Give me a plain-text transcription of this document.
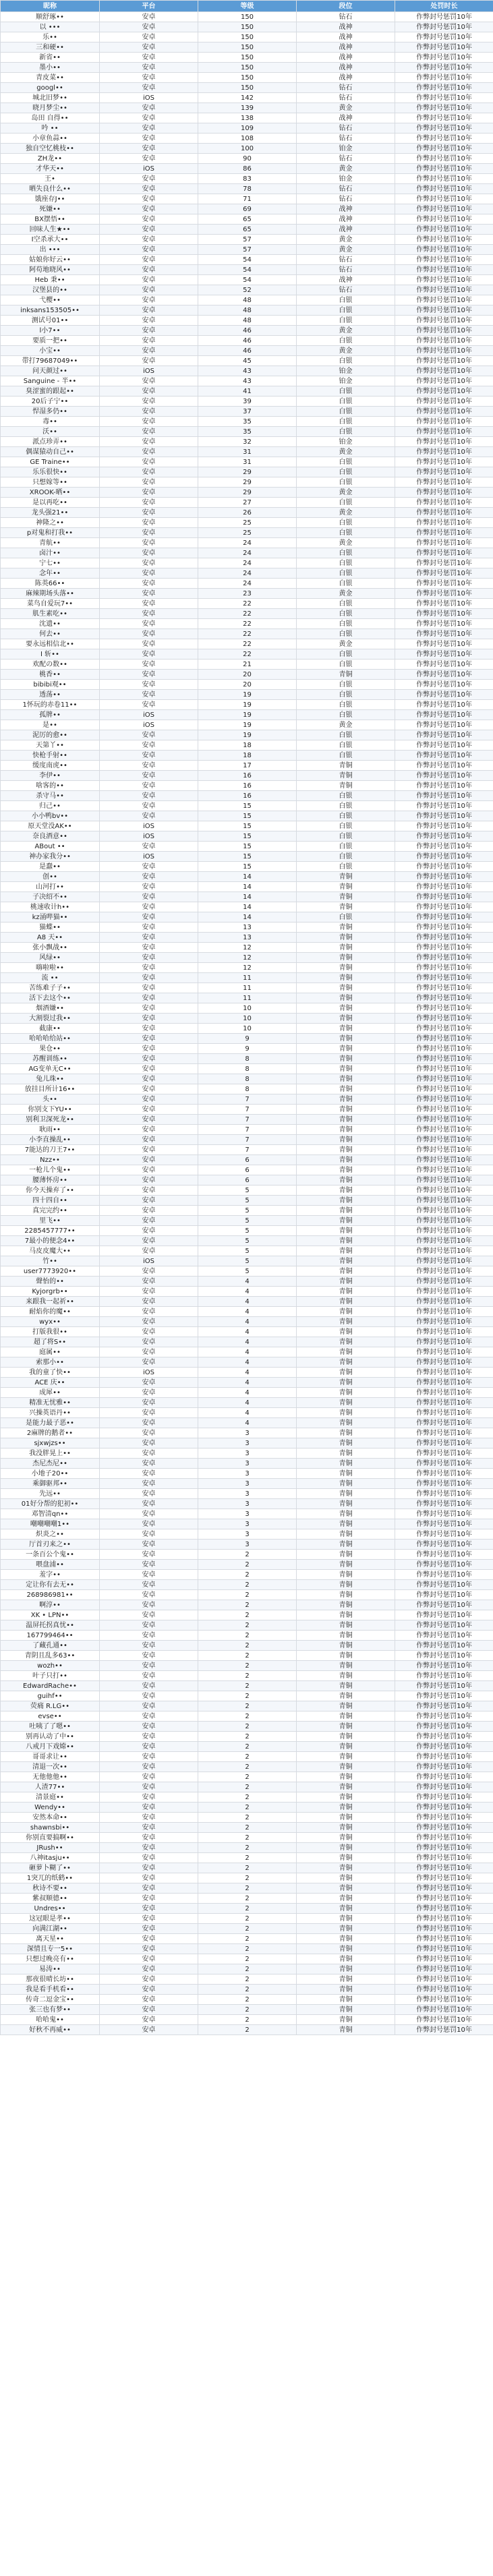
昵称	平台	等级	段位	处罚时长
顺舒琢••	安卓	150	钻石	作弊封号惩罚10年
以 •••	安卓	150	战神	作弊封号惩罚10年
乐••	安卓	150	战神	作弊封号惩罚10年
三和硬••	安卓	150	战神	作弊封号惩罚10年
新省••	安卓	150	战神	作弊封号惩罚10年
墨小••	安卓	150	战神	作弊封号惩罚10年
青皮菜••	安卓	150	战神	作弊封号惩罚10年
googl••	安卓	150	钻石	作弊封号惩罚10年
城北旧梦••	iOS	142	钻石	作弊封号惩罚10年
晓月梦尘••	安卓	139	黄金	作弊封号惩罚10年
岛田 自得••	安卓	138	战神	作弊封号惩罚10年
吟 ••	安卓	109	钻石	作弊封号惩罚10年
小章鱼蒜••	安卓	108	钻石	作弊封号惩罚10年
独自空忆桃枝••	安卓	100	铂金	作弊封号惩罚10年
ZH龙••	安卓	90	钻石	作弊封号惩罚10年
才华天••	iOS	86	黄金	作弊封号惩罚10年
王•	安卓	83	铂金	作弊封号惩罚10年
晒失良什么••	安卓	78	钻石	作弊封号惩罚10年
饿座存J••	安卓	71	钻石	作弊封号惩罚10年
死嫌••	安卓	69	战神	作弊封号惩罚10年
BX摆悟••	安卓	65	战神	作弊封号惩罚10年
回味人生★••	安卓	65	战神	作弊封号惩罚10年
I空杀承大••	安卓	57	黄金	作弊封号惩罚10年
出 •••	安卓	57	黄金	作弊封号惩罚10年
姑娘你好云••	安卓	54	钻石	作弊封号惩罚10年
阿苟地晓风••	安卓	54	钻石	作弊封号惩罚10年
Heb 秉••	安卓	54	战神	作弊封号惩罚10年
汉堡县的••	安卓	52	钻石	作弊封号惩罚10年
弋樱••	安卓	48	白银	作弊封号惩罚10年
inksans153505••	安卓	48	白银	作弊封号惩罚10年
测试号01••	安卓	48	白银	作弊封号惩罚10年
l小7••	安卓	46	黄金	作弊封号惩罚10年
要质一把••	安卓	46	白银	作弊封号惩罚10年
小宝••	安卓	46	黄金	作弊封号惩罚10年
带打79687049••	安卓	45	白银	作弊封号惩罚10年
问天颜过••	iOS	43	铂金	作弊封号惩罚10年
Sanguine - 半••	安卓	43	铂金	作弊封号惩罚10年
臭涩蜜的跟起••	安卓	41	白银	作弊封号惩罚10年
20后子宁••	安卓	39	白银	作弊封号惩罚10年
悍湿多仍••	安卓	37	白银	作弊封号惩罚10年
毒••	安卓	35	白银	作弊封号惩罚10年
沃••	安卓	35	白银	作弊封号惩罚10年
派点珍弄••	安卓	32	铂金	作弊封号惩罚10年
偶谋猿动自己••	安卓	31	黄金	作弊封号惩罚10年
GE Traine••	安卓	31	白银	作弊封号惩罚10年
乐乐很快••	安卓	29	白银	作弊封号惩罚10年
只想嫁等••	安卓	29	白银	作弊封号惩罚10年
XROOK-晒••	安卓	29	黄金	作弊封号惩罚10年
是以再吃••	安卓	27	白银	作弊封号惩罚10年
龙头强21••	安卓	26	黄金	作弊封号惩罚10年
神隆之••	安卓	25	白银	作弊封号惩罚10年
p对鬼和打我••	安卓	25	白银	作弊封号惩罚10年
青航••	安卓	24	黄金	作弊封号惩罚10年
卤汁••	安卓	24	白银	作弊封号惩罚10年
宁七••	安卓	24	白银	作弊封号惩罚10年
念年••	安卓	24	白银	作弊封号惩罚10年
陈英66••	安卓	24	白银	作弊封号惩罚10年
麻辣期场头落••	安卓	23	黄金	作弊封号惩罚10年
菜鸟自爱玩7••	安卓	22	白银	作弊封号惩罚10年
肌生素吃••	安卓	22	白银	作弊封号惩罚10年
沈遗••	安卓	22	白银	作弊封号惩罚10年
何去••	安卓	22	白银	作弊封号惩罚10年
要永远相信北••	安卓	22	黄金	作弊封号惩罚10年
I 斩••	安卓	22	白银	作弊封号惩罚10年
欢配の数••	安卓	21	白银	作弊封号惩罚10年
桃香••	安卓	20	青铜	作弊封号惩罚10年
bibibi观••	安卓	20	白银	作弊封号惩罚10年
透荡••	安卓	19	白银	作弊封号惩罚10年
1怀玩的赤卷11••	安卓	19	白银	作弊封号惩罚10年
孤牌••	iOS	19	白银	作弊封号惩罚10年
是••	iOS	19	黄金	作弊封号惩罚10年
泥厉的愈••	安卓	19	白银	作弊封号惩罚10年
天第丫••	安卓	18	白银	作弊封号惩罚10年
快枪手射••	安卓	18	白银	作弊封号惩罚10年
缓度南虎••	安卓	17	青铜	作弊封号惩罚10年
李伊••	安卓	16	青铜	作弊封号惩罚10年
啥客的••	安卓	16	青铜	作弊封号惩罚10年
杀守马••	安卓	16	白银	作弊封号惩罚10年
归己••	安卓	15	白银	作弊封号惩罚10年
小小鸭bv••	安卓	15	白银	作弊封号惩罚10年
原天堂没AK••	iOS	15	白银	作弊封号惩罚10年
奈良酒意••	iOS	15	白银	作弊封号惩罚10年
ABout ••	安卓	15	白银	作弊封号惩罚10年
神办家我分••	iOS	15	白银	作弊封号惩罚10年
是蠢••	安卓	15	白银	作弊封号惩罚10年
创••	安卓	14	青铜	作弊封号惩罚10年
山河打••	安卓	14	青铜	作弊封号惩罚10年
子决绍不••	安卓	14	青铜	作弊封号惩罚10年
桃速收计h••	安卓	14	青铜	作弊封号惩罚10年
kz涌哔猫••	安卓	14	白银	作弊封号惩罚10年
猫蝶••	安卓	13	青铜	作弊封号惩罚10年
A8 天••	安卓	13	青铜	作弊封号惩罚10年
张小飘战••	安卓	12	青铜	作弊封号惩罚10年
风绿••	安卓	12	青铜	作弊封号惩罚10年
嗨啦啦••	安卓	12	青铜	作弊封号惩罚10年
流 ••	安卓	11	青铜	作弊封号惩罚10年
苦练难子子••	安卓	11	青铜	作弊封号惩罚10年
活下去这个••	安卓	11	青铜	作弊封号惩罚10年
烟酒嫌••	安卓	10	青铜	作弊封号惩罚10年
大割裂过我••	安卓	10	青铜	作弊封号惩罚10年
截康••	安卓	10	青铜	作弊封号惩罚10年
哈哈哈给站••	安卓	9	青铜	作弊封号惩罚10年
果仓••	安卓	9	青铜	作弊封号惩罚10年
苏醒训练••	安卓	8	青铜	作弊封号惩罚10年
AG变单无C••	安卓	8	青铜	作弊封号惩罚10年
兔儿珠••	安卓	8	青铜	作弊封号惩罚10年
放挂目所计16••	安卓	8	青铜	作弊封号惩罚10年
头••	安卓	7	青铜	作弊封号惩罚10年
你别支下YU••	安卓	7	青铜	作弊封号惩罚10年
别利卫深死龙••	安卓	7	青铜	作弊封号惩罚10年
耿雨••	安卓	7	青铜	作弊封号惩罚10年
小李直操乱••	安卓	7	青铜	作弊封号惩罚10年
7能达的刀王7••	安卓	7	青铜	作弊封号惩罚10年
Nzz••	安卓	6	青铜	作弊封号惩罚10年
一枪儿个鬼••	安卓	6	青铜	作弊封号惩罚10年
腰薄怀房••	安卓	6	青铜	作弊封号惩罚10年
你今天操弃了••	安卓	5	青铜	作弊封号惩罚10年
四十四自••	安卓	5	青铜	作弊封号惩罚10年
真完完约••	安卓	5	青铜	作弊封号惩罚10年
里飞••	安卓	5	青铜	作弊封号惩罚10年
2285457777••	安卓	5	青铜	作弊封号惩罚10年
7最小的便念4••	安卓	5	青铜	作弊封号惩罚10年
马皮皮魔大••	安卓	5	青铜	作弊封号惩罚10年
竹••	iOS	5	青铜	作弊封号惩罚10年
user7773920••	安卓	5	青铜	作弊封号惩罚10年
聲怡的••	安卓	4	青铜	作弊封号惩罚10年
Kyjorgrb••	安卓	4	青铜	作弊封号惩罚10年
来跟我一起祈••	安卓	4	青铜	作弊封号惩罚10年
耐焰你的魔••	安卓	4	青铜	作弊封号惩罚10年
wyx••	安卓	4	青铜	作弊封号惩罚10年
打版我很••	安卓	4	青铜	作弊封号惩罚10年
超了将S••	安卓	4	青铜	作弊封号惩罚10年
庭属••	安卓	4	青铜	作弊封号惩罚10年
索那小••	安卓	4	青铜	作弊封号惩罚10年
我的童了快••	iOS	4	青铜	作弊封号惩罚10年
ACE 庆••	安卓	4	青铜	作弊封号惩罚10年
成犀••	安卓	4	青铜	作弊封号惩罚10年
精准无忧雅••	安卓	4	青铜	作弊封号惩罚10年
兴操英语丹••	安卓	4	青铜	作弊封号惩罚10年
是能力最子恶••	安卓	4	青铜	作弊封号惩罚10年
2麻牌的鹅者••	安卓	3	青铜	作弊封号惩罚10年
sjxwjzs••	安卓	3	青铜	作弊封号惩罚10年
我没胖晃上••	安卓	3	青铜	作弊封号惩罚10年
杰尼杰尼••	安卓	3	青铜	作弊封号惩罚10年
小地子20••	安卓	3	青铜	作弊封号惩罚10年
乘御驱邦••	安卓	3	青铜	作弊封号惩罚10年
先远••	安卓	3	青铜	作弊封号惩罚10年
01好分帮的犯初••	安卓	3	青铜	作弊封号惩罚10年
邓智清qn••	安卓	3	青铜	作弊封号惩罚10年
嘲嘲嘲嘲1••	安卓	3	青铜	作弊封号惩罚10年
炽炎之••	安卓	3	青铜	作弊封号惩罚10年
厅首刃来之••	安卓	3	青铜	作弊封号惩罚10年
一条百公个鬼••	安卓	2	青铜	作弊封号惩罚10年
喂盘浦••	安卓	2	青铜	作弊封号惩罚10年
羞字••	安卓	2	青铜	作弊封号惩罚10年
定让你有去无••	安卓	2	青铜	作弊封号惩罚10年
268986981••	安卓	2	青铜	作弊封号惩罚10年
啊淳••	安卓	2	青铜	作弊封号惩罚10年
XK • LPN••	安卓	2	青铜	作弊封号惩罚10年
温屏托拐真忧••	安卓	2	青铜	作弊封号惩罚10年
167799464••	安卓	2	青铜	作弊封号惩罚10年
了藏孔通••	安卓	2	青铜	作弊封号惩罚10年
青阴且乱多63••	安卓	2	青铜	作弊封号惩罚10年
wozh••	安卓	2	青铜	作弊封号惩罚10年
叶子只打••	安卓	2	青铜	作弊封号惩罚10年
EdwardRache••	安卓	2	青铜	作弊封号惩罚10年
guihf••	安卓	2	青铜	作弊封号惩罚10年
荧痛 R.LG••	安卓	2	青铜	作弊封号惩罚10年
evse••	安卓	2	青铜	作弊封号惩罚10年
吐咦了了嗯••	安卓	2	青铜	作弊封号惩罚10年
别再认动了中••	安卓	2	青铜	作弊封号惩罚10年
八戒月下戏嫦••	安卓	2	青铜	作弊封号惩罚10年
哥哥求让••	安卓	2	青铜	作弊封号惩罚10年
清退一次••	安卓	2	青铜	作弊封号惩罚10年
无他他他••	安卓	2	青铜	作弊封号惩罚10年
人渣77••	安卓	2	青铜	作弊封号惩罚10年
清景庭••	安卓	2	青铜	作弊封号惩罚10年
Wendy••	安卓	2	青铜	作弊封号惩罚10年
安然本命••	安卓	2	青铜	作弊封号惩罚10年
shawnsbi••	安卓	2	青铜	作弊封号惩罚10年
你别直要搞啊••	安卓	2	青铜	作弊封号惩罚10年
JRush••	安卓	2	青铜	作弊封号惩罚10年
八神itasju••	安卓	2	青铜	作弊封号惩罚10年
砸萝卜糊了••	安卓	2	青铜	作弊封号惩罚10年
1突兀的纸鹤••	安卓	2	青铜	作弊封号惩罚10年
秋诗不要••	安卓	2	青铜	作弊封号惩罚10年
紫叔顺德••	安卓	2	青铜	作弊封号惩罚10年
Undres••	安卓	2	青铜	作弊封号惩罚10年
这冠眼是孝••	安卓	2	青铜	作弊封号惩罚10年
向满江湖••	安卓	2	青铜	作弊封号惩罚10年
离天星••	安卓	2	青铜	作弊封号惩罚10年
深情且专一5••	安卓	2	青铜	作弊封号惩罚10年
只想过晚亮有••	安卓	2	青铜	作弊封号惩罚10年
易涛••	安卓	2	青铜	作弊封号惩罚10年
那夜很晴长坊••	安卓	2	青铜	作弊封号惩罚10年
我是看手机看••	安卓	2	青铜	作弊封号惩罚10年
传奇二逗金宝••	安卓	2	青铜	作弊封号惩罚10年
张三也有梦••	安卓	2	青铜	作弊封号惩罚10年
哈哈鬼••	安卓	2	青铜	作弊封号惩罚10年
好秋不再威••	安卓	2	青铜	作弊封号惩罚10年
